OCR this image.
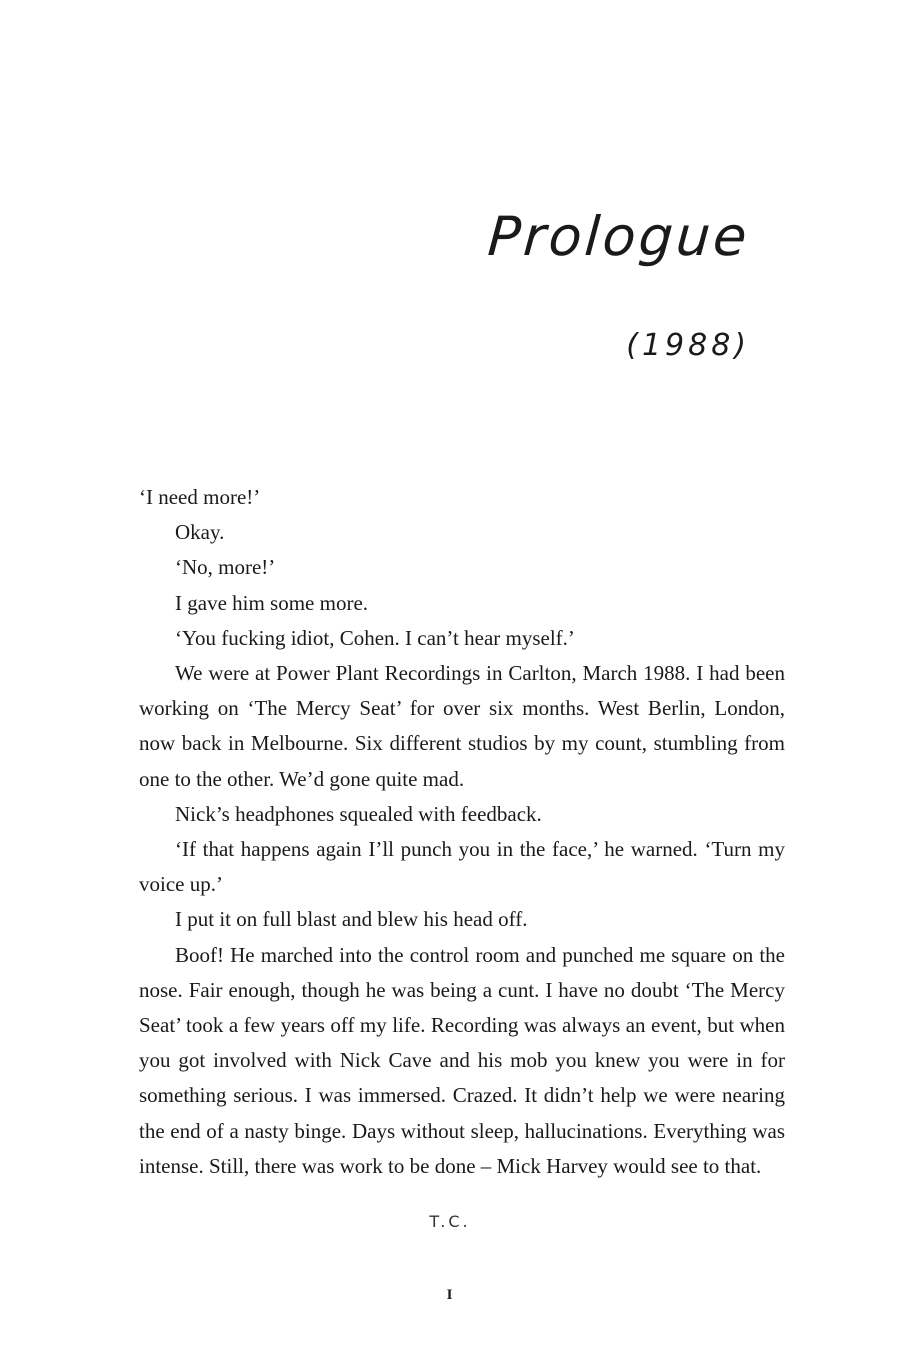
Prologue
(1988)

‘I need more!’

Okay.

‘No, more!’

I gave him some more.

‘You fucking idiot, Cohen. I can’t hear myself.’

We were at Power Plant Recordings in Carlton, March 1988. I had been working on ‘The Mercy Seat’ for over six months. West Berlin, London, now back in Melbourne. Six different studios by my count, stumbling from one to the other. We’d gone quite mad.

Nick’s headphones squealed with feedback.

‘If that happens again I’ll punch you in the face,’ he warned. ‘Turn my voice up.’

I put it on full blast and blew his head off.

Boof! He marched into the control room and punched me square on the nose. Fair enough, though he was being a cunt. I have no doubt ‘The Mercy Seat’ took a few years off my life. Recording was always an event, but when you got involved with Nick Cave and his mob you knew you were in for something serious. I was immersed. Crazed. It didn’t help we were nearing the end of a nasty binge. Days without sleep, hallucinations. Everything was intense. Still, there was work to be done – Mick Harvey would see to that.

T.C.
I
